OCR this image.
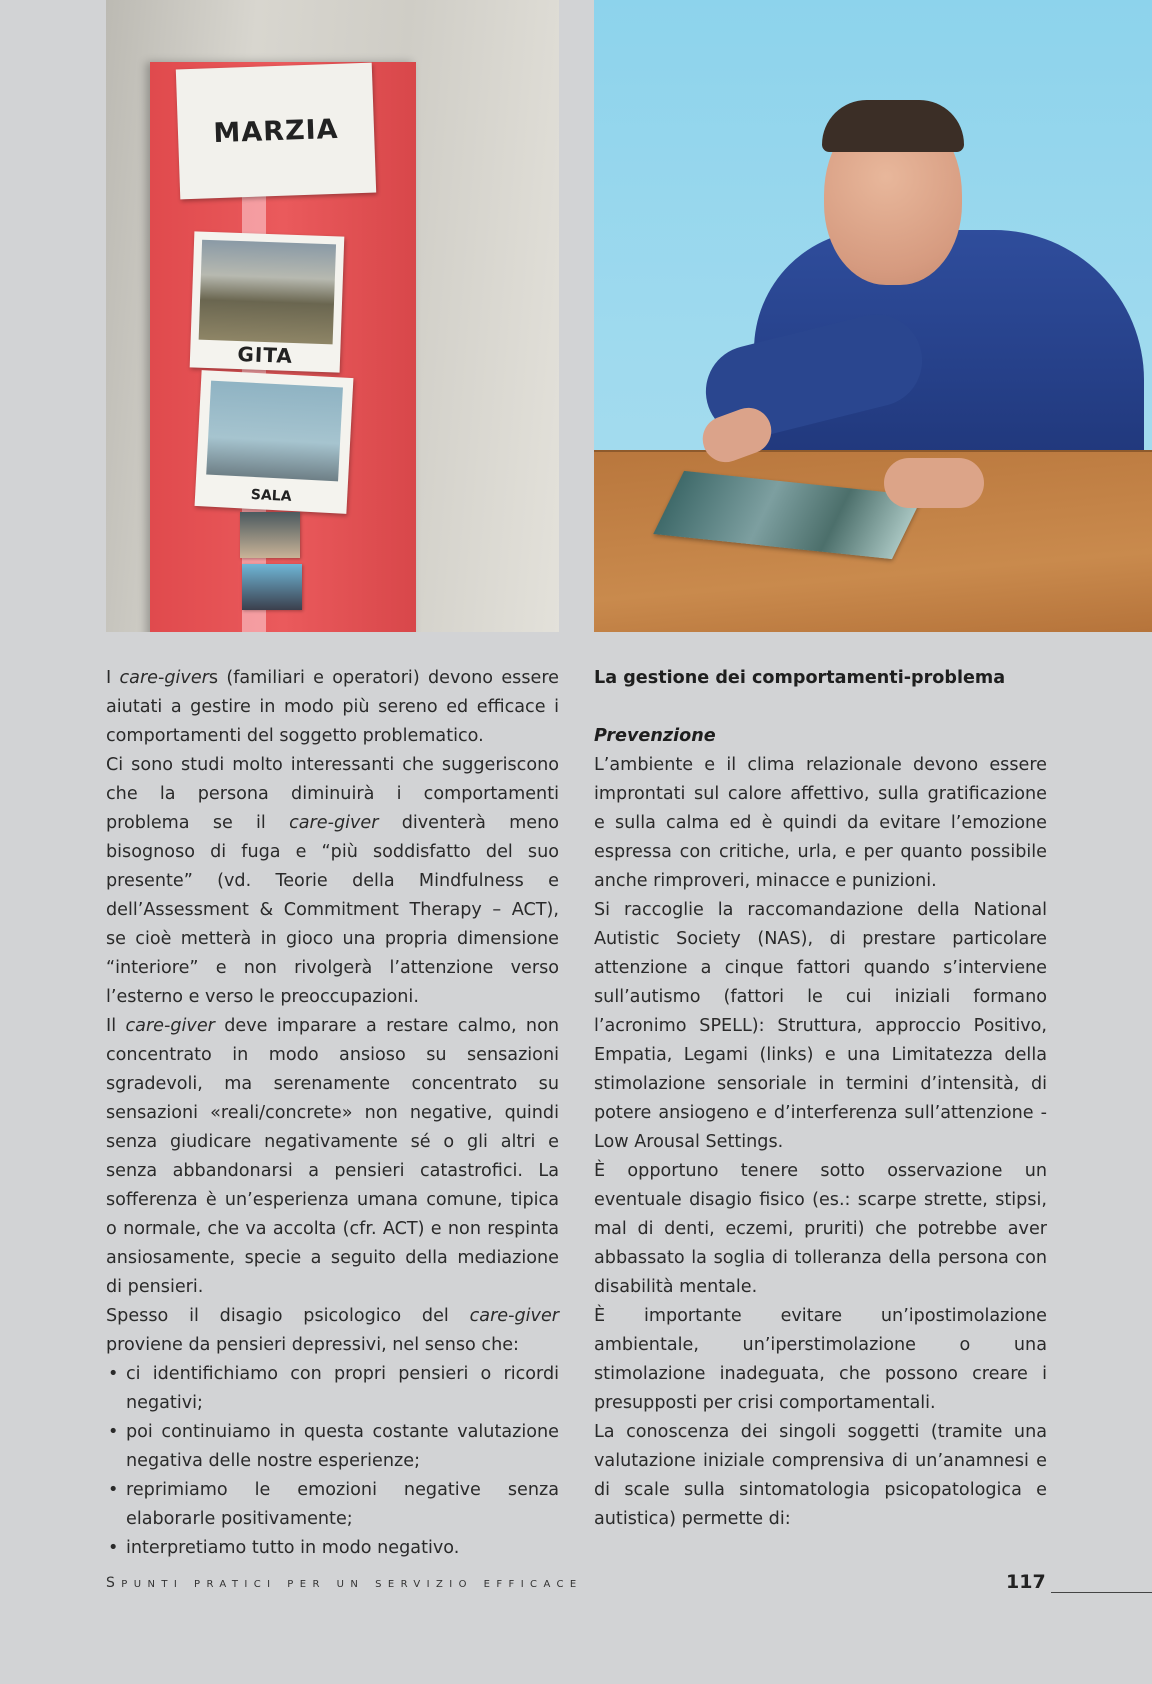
MARZIA
GITA
SALA

I care-givers (familiari e operatori) devono essere aiutati a gestire in modo più sereno ed efficace i comportamenti del soggetto problematico.

Ci sono studi molto interessanti che suggeriscono che la persona diminuirà i comportamenti problema se il care-giver diventerà meno bisognoso di fuga e “più soddisfatto del suo presente” (vd. Teorie della Mindfulness e dell’Assessment & Commitment Therapy – ACT), se cioè metterà in gioco una propria dimensione “interiore” e non rivolgerà l’attenzione verso l’esterno e verso le preoccupazioni.

Il care-giver deve imparare a restare calmo, non concentrato in modo ansioso su sensazioni sgradevoli, ma serenamente concentrato su sensazioni «reali/concrete» non negative, quindi senza giudicare negativamente sé o gli altri e senza abbandonarsi a pensieri catastrofici. La sofferenza è un’esperienza umana comune, tipica o normale, che va accolta (cfr. ACT) e non respinta ansiosamente, specie a seguito della mediazione di pensieri.

Spesso il disagio psicologico del care-giver proviene da pensieri depressivi, nel senso che:

• ci identifichiamo con propri pensieri o ricordi negativi;
• poi continuiamo in questa costante valutazione negativa delle nostre esperienze;
• reprimiamo le emozioni negative senza elaborarle positivamente;
• interpretiamo tutto in modo negativo.

La gestione dei comportamenti-problema

Prevenzione

L’ambiente e il clima relazionale devono essere improntati sul calore affettivo, sulla gratificazione e sulla calma ed è quindi da evitare l’emozione espressa con critiche, urla, e per quanto possibile anche rimproveri, minacce e punizioni.

Si raccoglie la raccomandazione della National Autistic Society (NAS), di prestare particolare attenzione a cinque fattori quando s’interviene sull’autismo (fattori le cui iniziali formano l’acronimo SPELL): Struttura, approccio Positivo, Empatia, Legami (links) e una Limitatezza della stimolazione sensoriale in termini d’intensità, di potere ansiogeno e d’interferenza sull’attenzione - Low Arousal Settings.

È opportuno tenere sotto osservazione un eventuale disagio fisico (es.: scarpe strette, stipsi, mal di denti, eczemi, pruriti) che potrebbe aver abbassato la soglia di tolleranza della persona con disabilità mentale.

È importante evitare un’ipostimolazione ambientale, un’iperstimolazione o una stimolazione inadeguata, che possono creare i presupposti per crisi comportamentali.

La conoscenza dei singoli soggetti (tramite una valutazione iniziale comprensiva di un’anamnesi e di scale sulla sintomatologia psicopatologica e autistica) permette di:

Spunti pratici per un servizio efficace	117
